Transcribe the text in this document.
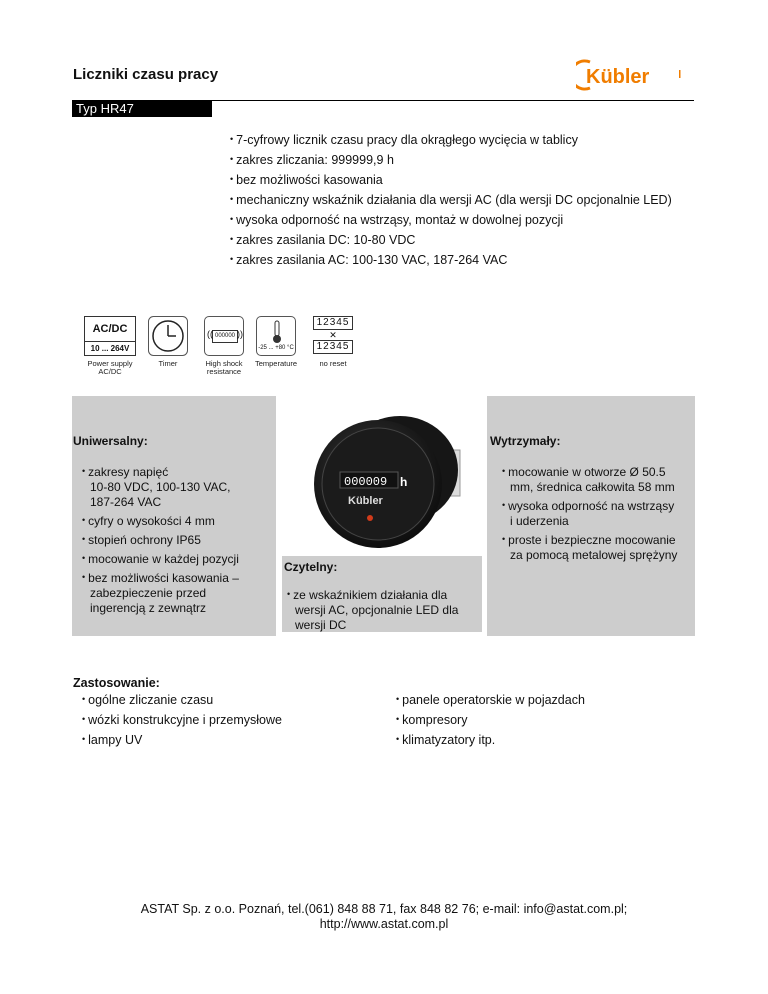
Liczniki czasu pracy	Kübler
Typ HR47
• 7-cyfrowy licznik czasu pracy dla okrągłego wycięcia w tablicy
• zakres zliczania: 999999,9 h
• bez możliwości kasowania
• mechaniczny wskaźnik działania dla wersji AC (dla wersji DC opcjonalnie LED)
• wysoka odporność na wstrząsy, montaż w dowolnej pozycji
• zakres zasilania DC: 10-80 VDC
• zakres zasilania AC: 100-130 VAC, 187-264 VAC
AC/DC
10 ... 264V
Power supply AC/DC
Timer
000000
((	))
High shock resistance
-25 ... +80 °C
Temperature
12345
✕
12345
no reset
Uniwersalny:
• zakresy napięć
10-80 VDC, 100-130 VAC,
187-264 VAC
• cyfry o wysokości 4 mm
• stopień ochrony IP65
• mocowanie w każdej pozycji
• bez możliwości kasowania –
zabezpieczenie przed
ingerencją z zewnątrz
Wytrzymały:
• mocowanie w otworze Ø 50.5
mm, średnica całkowita 58 mm
• wysoka odporność na wstrząsy
i uderzenia
• proste i bezpieczne mocowanie
za pomocą metalowej sprężyny
Czytelny:
• ze wskaźnikiem działania dla
wersji AC, opcjonalnie LED dla
wersji DC
000009 h
Kübler
Zastosowanie:
• ogólne zliczanie czasu
• wózki konstrukcyjne i przemysłowe
• lampy UV
• panele operatorskie w pojazdach
• kompresory
• klimatyzatory itp.
ASTAT Sp. z o.o. Poznań, tel.(061) 848 88 71, fax 848 82 76; e-mail: info@astat.com.pl;
http://www.astat.com.pl
